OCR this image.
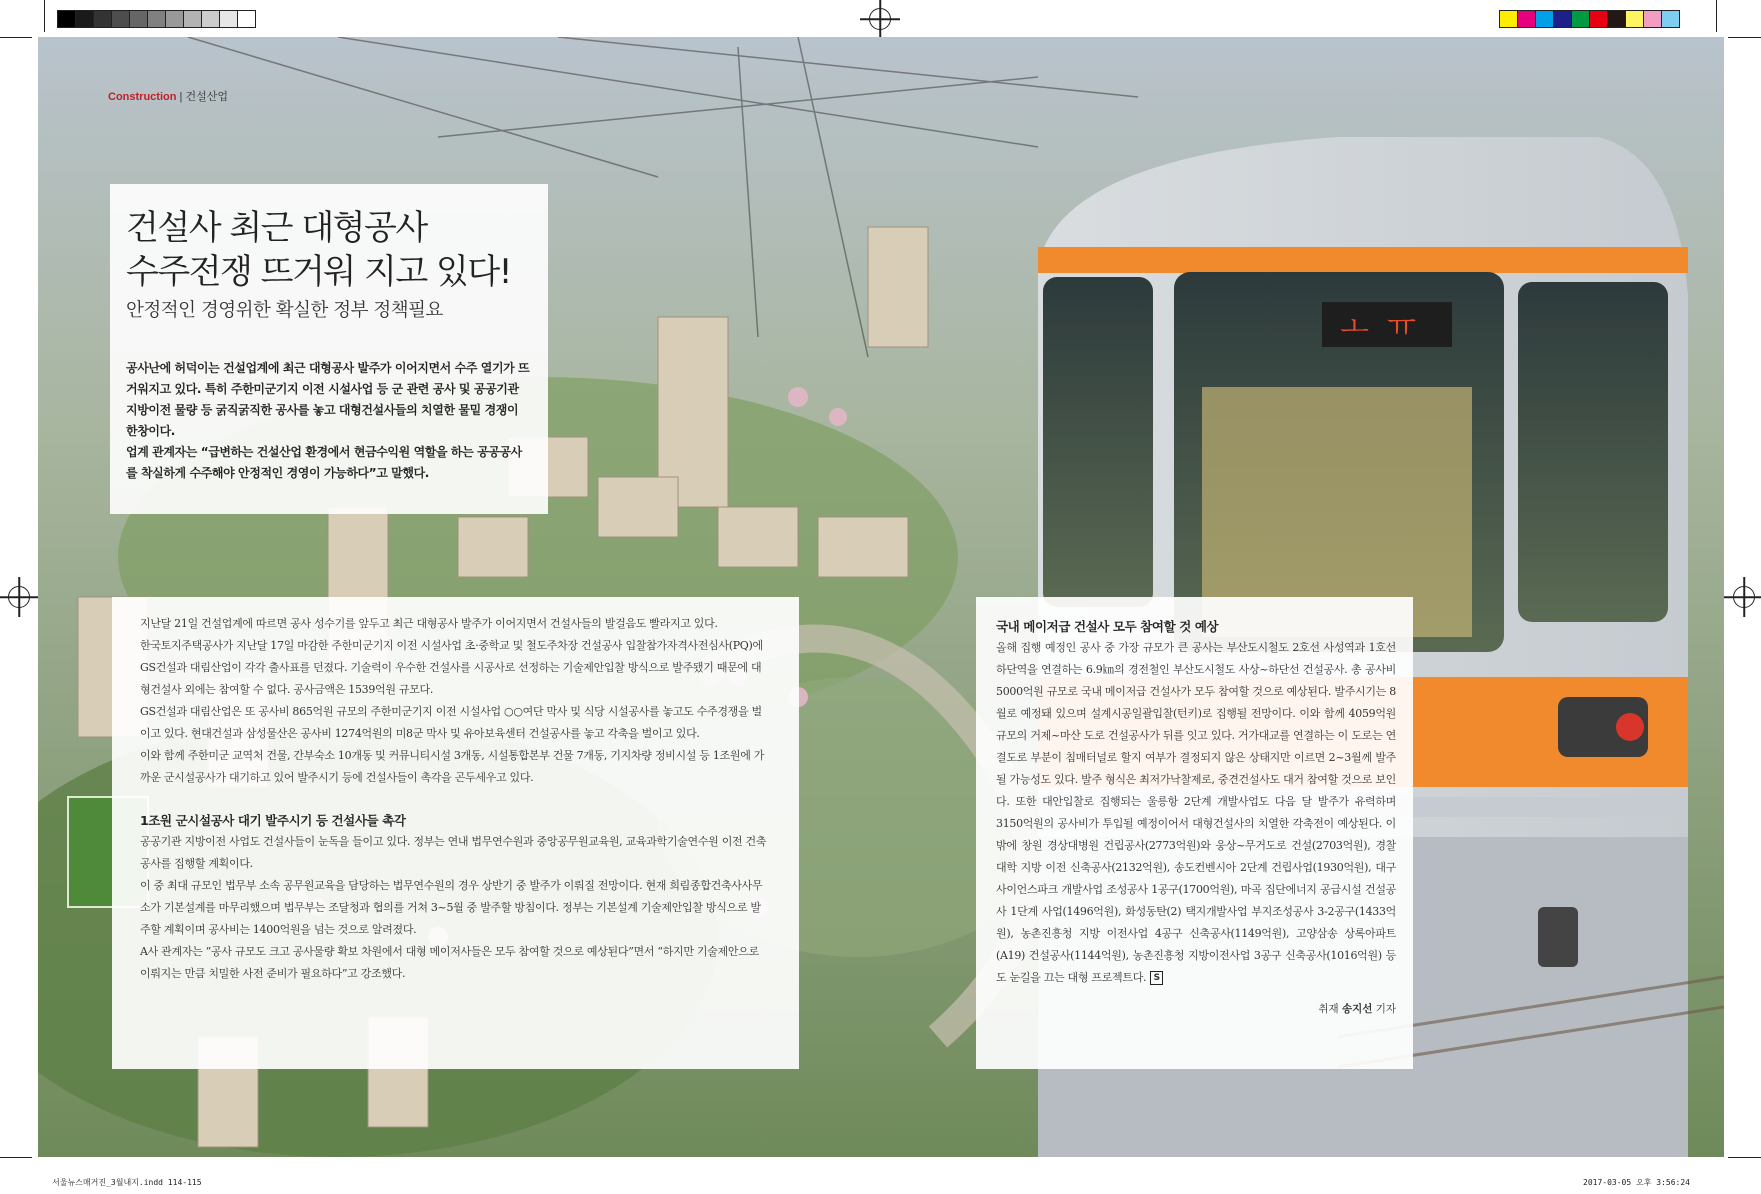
ㅗ ㅠ
Construction | 건설산업
건설사 최근 대형공사
수주전쟁 뜨거워 지고 있다!
안정적인 경영위한 확실한 정부 정책필요

공사난에 허덕이는 건설업계에 최근 대형공사 발주가 이어지면서 수주 열기가 뜨거워지고 있다. 특히 주한미군기지 이전 시설사업 등 군 관련 공사 및 공공기관 지방이전 물량 등 굵직굵직한 공사를 놓고 대형건설사들의 치열한 물밑 경쟁이 한창이다.

업계 관계자는 “급변하는 건설산업 환경에서 현금수익원 역할을 하는 공공공사를 착실하게 수주해야 안정적인 경영이 가능하다”고 말했다.

지난달 21일 건설업계에 따르면 공사 성수기를 앞두고 최근 대형공사 발주가 이어지면서 건설사들의 발걸음도 빨라지고 있다.

한국토지주택공사가 지난달 17일 마감한 주한미군기지 이전 시설사업 초·중학교 및 철도주차장 건설공사 입찰참가자격사전심사(PQ)에 GS건설과 대림산업이 각각 출사표를 던졌다. 기술력이 우수한 건설사를 시공사로 선정하는 기술제안입찰 방식으로 발주됐기 때문에 대형건설사 외에는 참여할 수 없다. 공사금액은 1539억원 규모다.

GS건설과 대림산업은 또 공사비 865억원 규모의 주한미군기지 이전 시설사업 ○○여단 막사 및 식당 시설공사를 놓고도 수주경쟁을 벌이고 있다. 현대건설과 삼성물산은 공사비 1274억원의 미8군 막사 및 유아보육센터 건설공사를 놓고 각축을 벌이고 있다.

이와 함께 주한미군 교역처 건물, 간부숙소 10개동 및 커뮤니티시설 3개동, 시설통합본부 건물 7개동, 기지차량 정비시설 등 1조원에 가까운 군시설공사가 대기하고 있어 발주시기 등에 건설사들이 촉각을 곤두세우고 있다.

1조원 군시설공사 대기 발주시기 등 건설사들 촉각

공공기관 지방이전 사업도 건설사들이 눈독을 들이고 있다. 정부는 연내 법무연수원과 중앙공무원교육원, 교육과학기술연수원 이전 건축공사를 집행할 계획이다.

이 중 최대 규모인 법무부 소속 공무원교육을 담당하는 법무연수원의 경우 상반기 중 발주가 이뤄질 전망이다. 현재 희림종합건축사사무소가 기본설계를 마무리했으며 법무부는 조달청과 협의를 거쳐 3~5월 중 발주할 방침이다. 정부는 기본설계 기술제안입찰 방식으로 발주할 계획이며 공사비는 1400억원을 넘는 것으로 알려졌다.

A사 관계자는 “공사 규모도 크고 공사물량 확보 차원에서 대형 메이저사들은 모두 참여할 것으로 예상된다”면서 “하지만 기술제안으로 이뤄지는 만큼 치밀한 사전 준비가 필요하다”고 강조했다.

국내 메이저급 건설사 모두 참여할 것 예상

올해 집행 예정인 공사 중 가장 규모가 큰 공사는 부산도시철도 2호선 사성역과 1호선 하단역을 연결하는 6.9㎞의 경전철인 부산도시철도 사상~하단선 건설공사. 총 공사비 5000억원 규모로 국내 메이저급 건설사가 모두 참여할 것으로 예상된다. 발주시기는 8월로 예정돼 있으며 설계시공일괄입찰(턴키)로 집행될 전망이다. 이와 함께 4059억원 규모의 거제~마산 도로 건설공사가 뒤를 잇고 있다. 거가대교를 연결하는 이 도로는 연결도로 부분이 침매터널로 할지 여부가 결정되지 않은 상태지만 이르면 2~3월께 발주될 가능성도 있다. 발주 형식은 최저가낙찰제로, 중견건설사도 대거 참여할 것으로 보인다. 또한 대안입찰로 집행되는 울릉항 2단계 개발사업도 다음 달 발주가 유력하며 3150억원의 공사비가 투입될 예정이어서 대형건설사의 치열한 각축전이 예상된다. 이 밖에 창원 경상대병원 건립공사(2773억원)와 웅상~무거도로 건설(2703억원), 경찰대학 지방 이전 신축공사(2132억원), 송도컨벤시아 2단계 건립사업(1930억원), 대구사이언스파크 개발사업 조성공사 1공구(1700억원), 마곡 집단에너지 공급시설 건설공사 1단계 사업(1496억원), 화성동탄(2) 택지개발사업 부지조성공사 3-2공구(1433억원), 농촌진흥청 지방 이전사업 4공구 신축공사(1149억원), 고양삼송 상록아파트(A19) 건설공사(1144억원), 농촌진흥청 지방이전사업 3공구 신축공사(1016억원) 등도 눈길을 끄는 대형 프로젝트다. S

취재 송지선 기자
서울뉴스매거진_3월내지.indd 114-115	2017-03-05 오후 3:56:24
